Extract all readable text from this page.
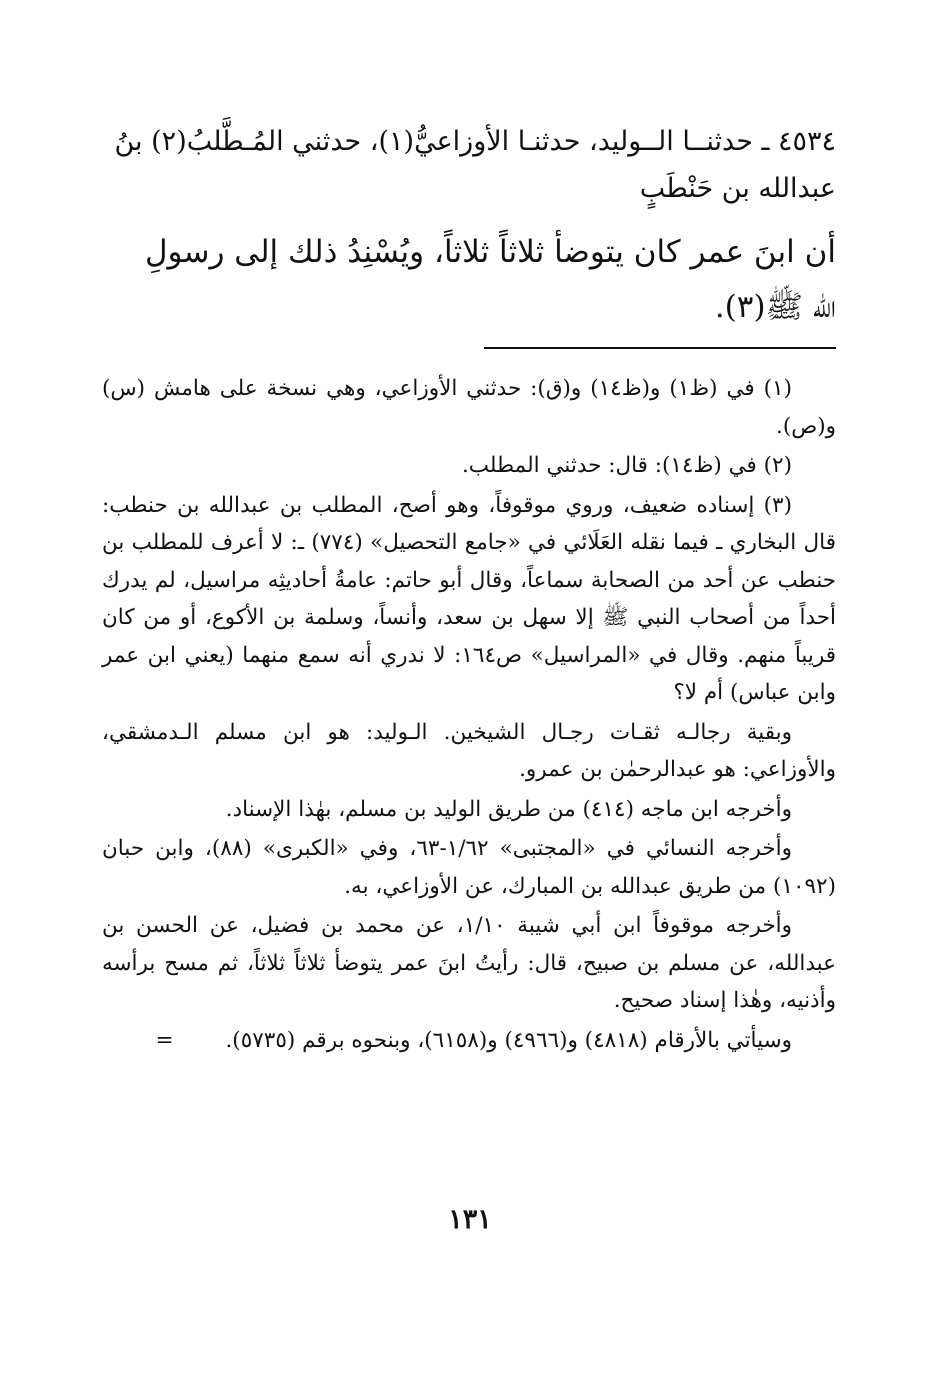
٤٥٣٤ ـ حدثنــا الــوليد، حدثنـا الأوزاعيُّ(١)، حدثني المُـطَّلبُ(٢) بنُ
عبدالله بن حَنْطَبٍ
أن ابنَ عمر كان يتوضأ ثلاثاً ثلاثاً، ويُسْنِدُ ذلك إلى رسولِ
الله ﷺ(٣).

(١) في (ظ١) و(ظ١٤) و(ق): حدثني الأوزاعي، وهي نسخة على هامش (س) و(ص).

(٢) في (ظ١٤): قال: حدثني المطلب.

(٣) إسناده ضعيف، وروي موقوفاً، وهو أصح، المطلب بن عبدالله بن حنطب: قال البخاري ـ فيما نقله العَلَائي في «جامع التحصيل» (٧٧٤) ـ: لا أعرف للمطلب بن حنطب عن أحد من الصحابة سماعاً، وقال أبو حاتم: عامةُ أحاديثِه مراسيل، لم يدرك أحداً من أصحاب النبي ﷺ إلا سهل بن سعد، وأنساً، وسلمة بن الأكوع، أو من كان قريباً منهم. وقال في «المراسيل» ص١٦٤: لا ندري أنه سمع منهما (يعني ابن عمر وابن عباس) أم لا؟

وبقية رجالـه ثقـات رجـال الشيخين. الـوليد: هو ابن مسلم الـدمشقي، والأوزاعي: هو عبدالرحمٰن بن عمرو.

وأخرجه ابن ماجه (٤١٤) من طريق الوليد بن مسلم، بهٰذا الإسناد.

وأخرجه النسائي في «المجتبى» ١/٦٢-٦٣، وفي «الكبرى» (٨٨)، وابن حبان (١٠٩٢) من طريق عبدالله بن المبارك، عن الأوزاعي، به.

وأخرجه موقوفاً ابن أبي شيبة ١/١٠، عن محمد بن فضيل، عن الحسن بن عبدالله، عن مسلم بن صبيح، قال: رأيتُ ابنَ عمر يتوضأ ثلاثاً ثلاثاً، ثم مسح برأسه وأذنيه، وهٰذا إسناد صحيح.

وسيأتي بالأرقام (٤٨١٨) و(٤٩٦٦) و(٦١٥٨)، وبنحوه برقم (٥٧٣٥).=

١٣١
